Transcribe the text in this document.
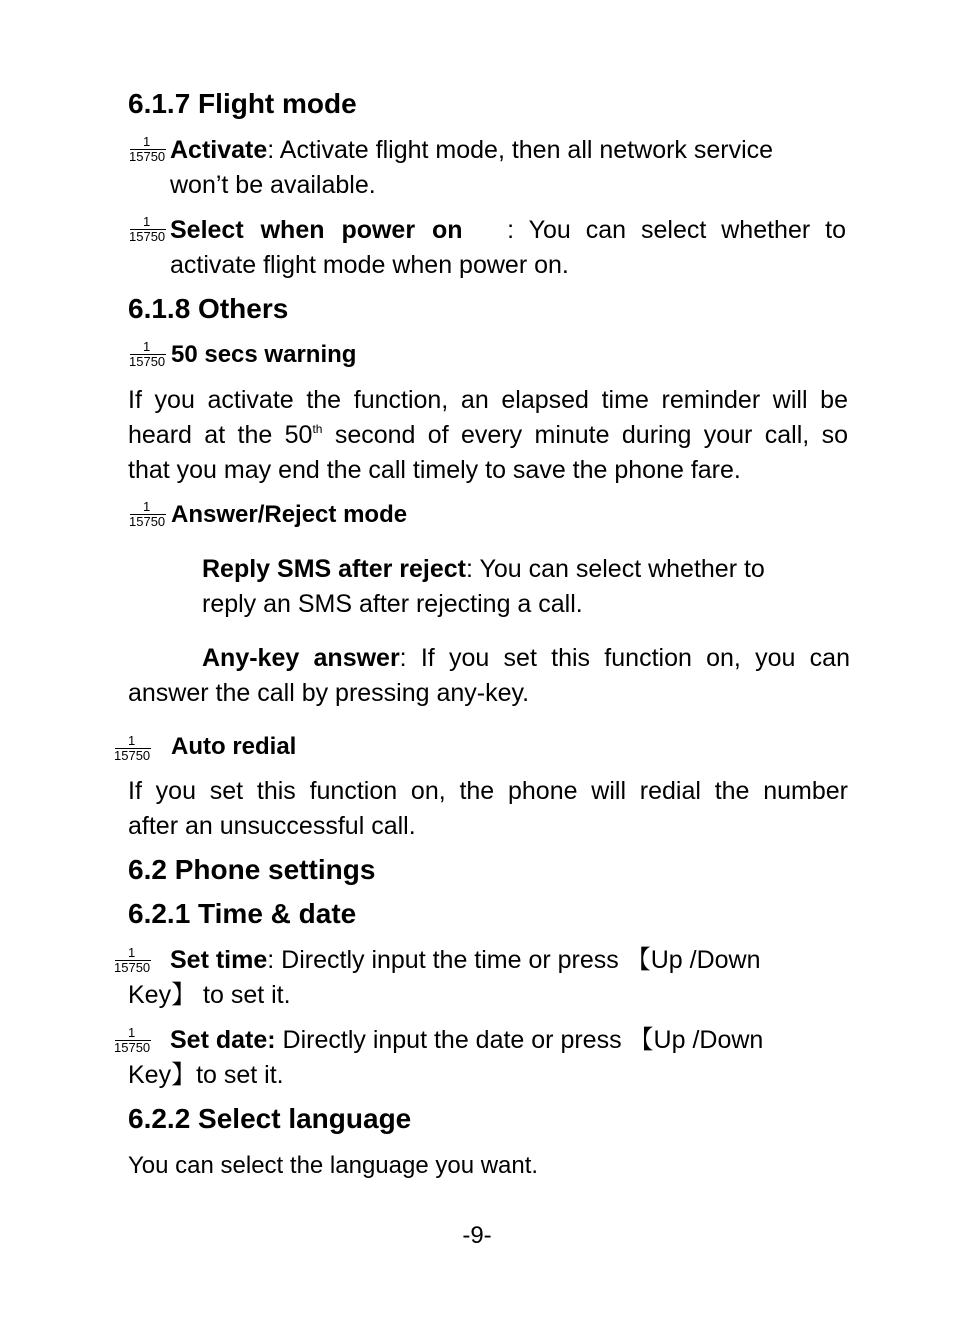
6.1.7 Flight mode
1
15750 Activate: Activate flight mode, then all network service
won’t be available.
1
15750 Select when power on : You can select whether to
activate flight mode when power on.
6.1.8 Others
1
15750 50 secs warning
If you activate the function, an elapsed time reminder will be
heard at the 50th second of every minute during your call, so
that you may end the call timely to save the phone fare.
1
15750 Answer/Reject mode
Reply SMS after reject: You can select whether to
reply an SMS after rejecting a call.
Any-key answer: If you set this function on, you can
answer the call by pressing any-key.
1
15750 Auto redial
If you set this function on, the phone will redial the number
after an unsuccessful call.
6.2 Phone settings
6.2.1 Time & date
1
15750 Set time: Directly input the time or press 【Up /Down
Key】 to set it.
1
15750 Set date: Directly input the date or press 【Up /Down
Key】to set it.
6.2.2 Select language
You can select the language you want.
-9-
